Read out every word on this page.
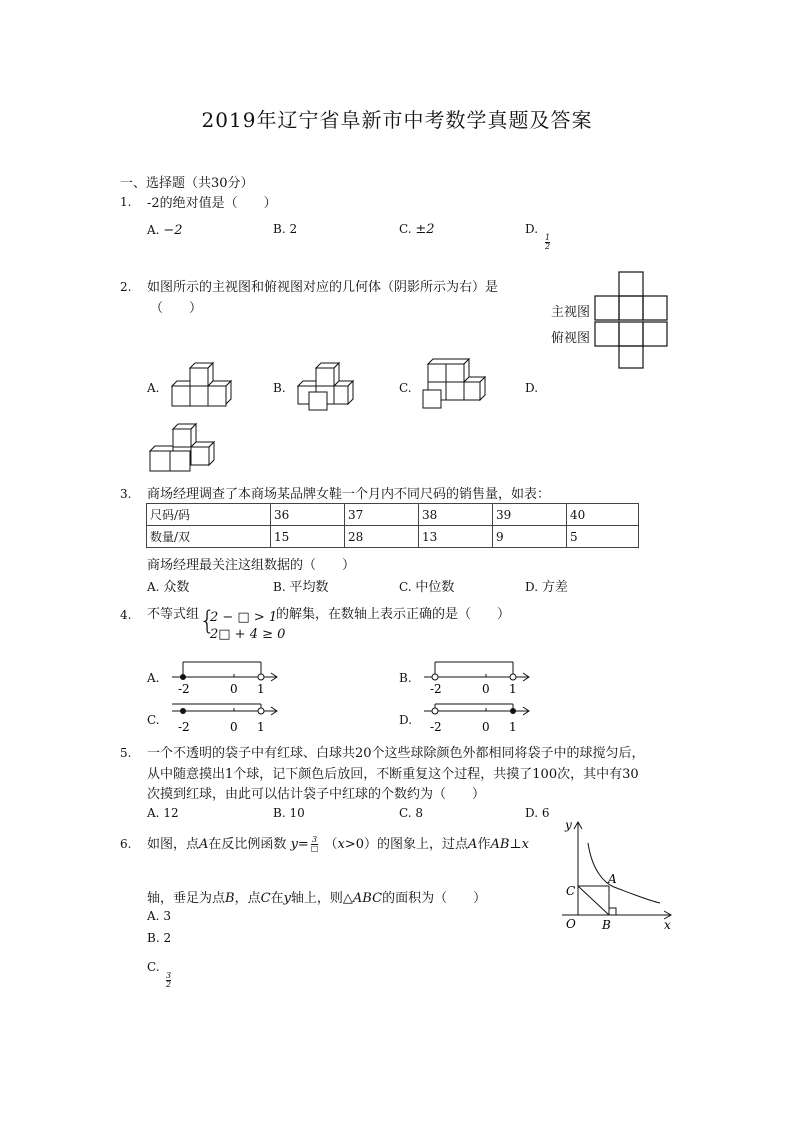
2019年辽宁省阜新市中考数学真题及答案
一、选择题（共30分）
1. -2的绝对值是（　　）
A. −2	B. 2	C. ±2	D.
$\frac{1}{2}$
2. 如图所示的主视图和俯视图对应的几何体（阴影所示为右）是
（　　）	主视图
俯视图
A.	B.	C.	D.
3. 商场经理调查了本商场某品牌女鞋一个月内不同尺码的销售量，如表：
尺码/码	36	37	38	39	40
数量/双	15	28	13	9	5
商场经理最关注这组数据的（　　）
A. 众数	B. 平均数	C. 中位数	D. 方差
4. 不等式组 {
2 − □ > 1
2□ + 4 ≥ 0
的解集，在数轴上表示正确的是（　　）
A.	B.
C.	D.
-2	0 1	-2	0 1
-2	0 1	-2	0 1
5. 一个不透明的袋子中有红球、白球共20个这些球除颜色外都相同将袋子中的球搅匀后，
从中随意摸出1个球，记下颜色后放回，不断重复这个过程，共摸了100次，其中有30
次摸到红球，由此可以估计袋子中红球的个数约为（　　）
A. 12	B. 10	C. 8	D. 6
6. 如图，点A在反比例函数 $y= \frac{3}{□} (x>0)$的图象上，过点A作AB⊥x
轴，垂足为点B，点C在y轴上，则△ABC的面积为（　　）
A. 3
B. 2
C.
$\frac{3}{2}$
y
x
O
A
B
C
